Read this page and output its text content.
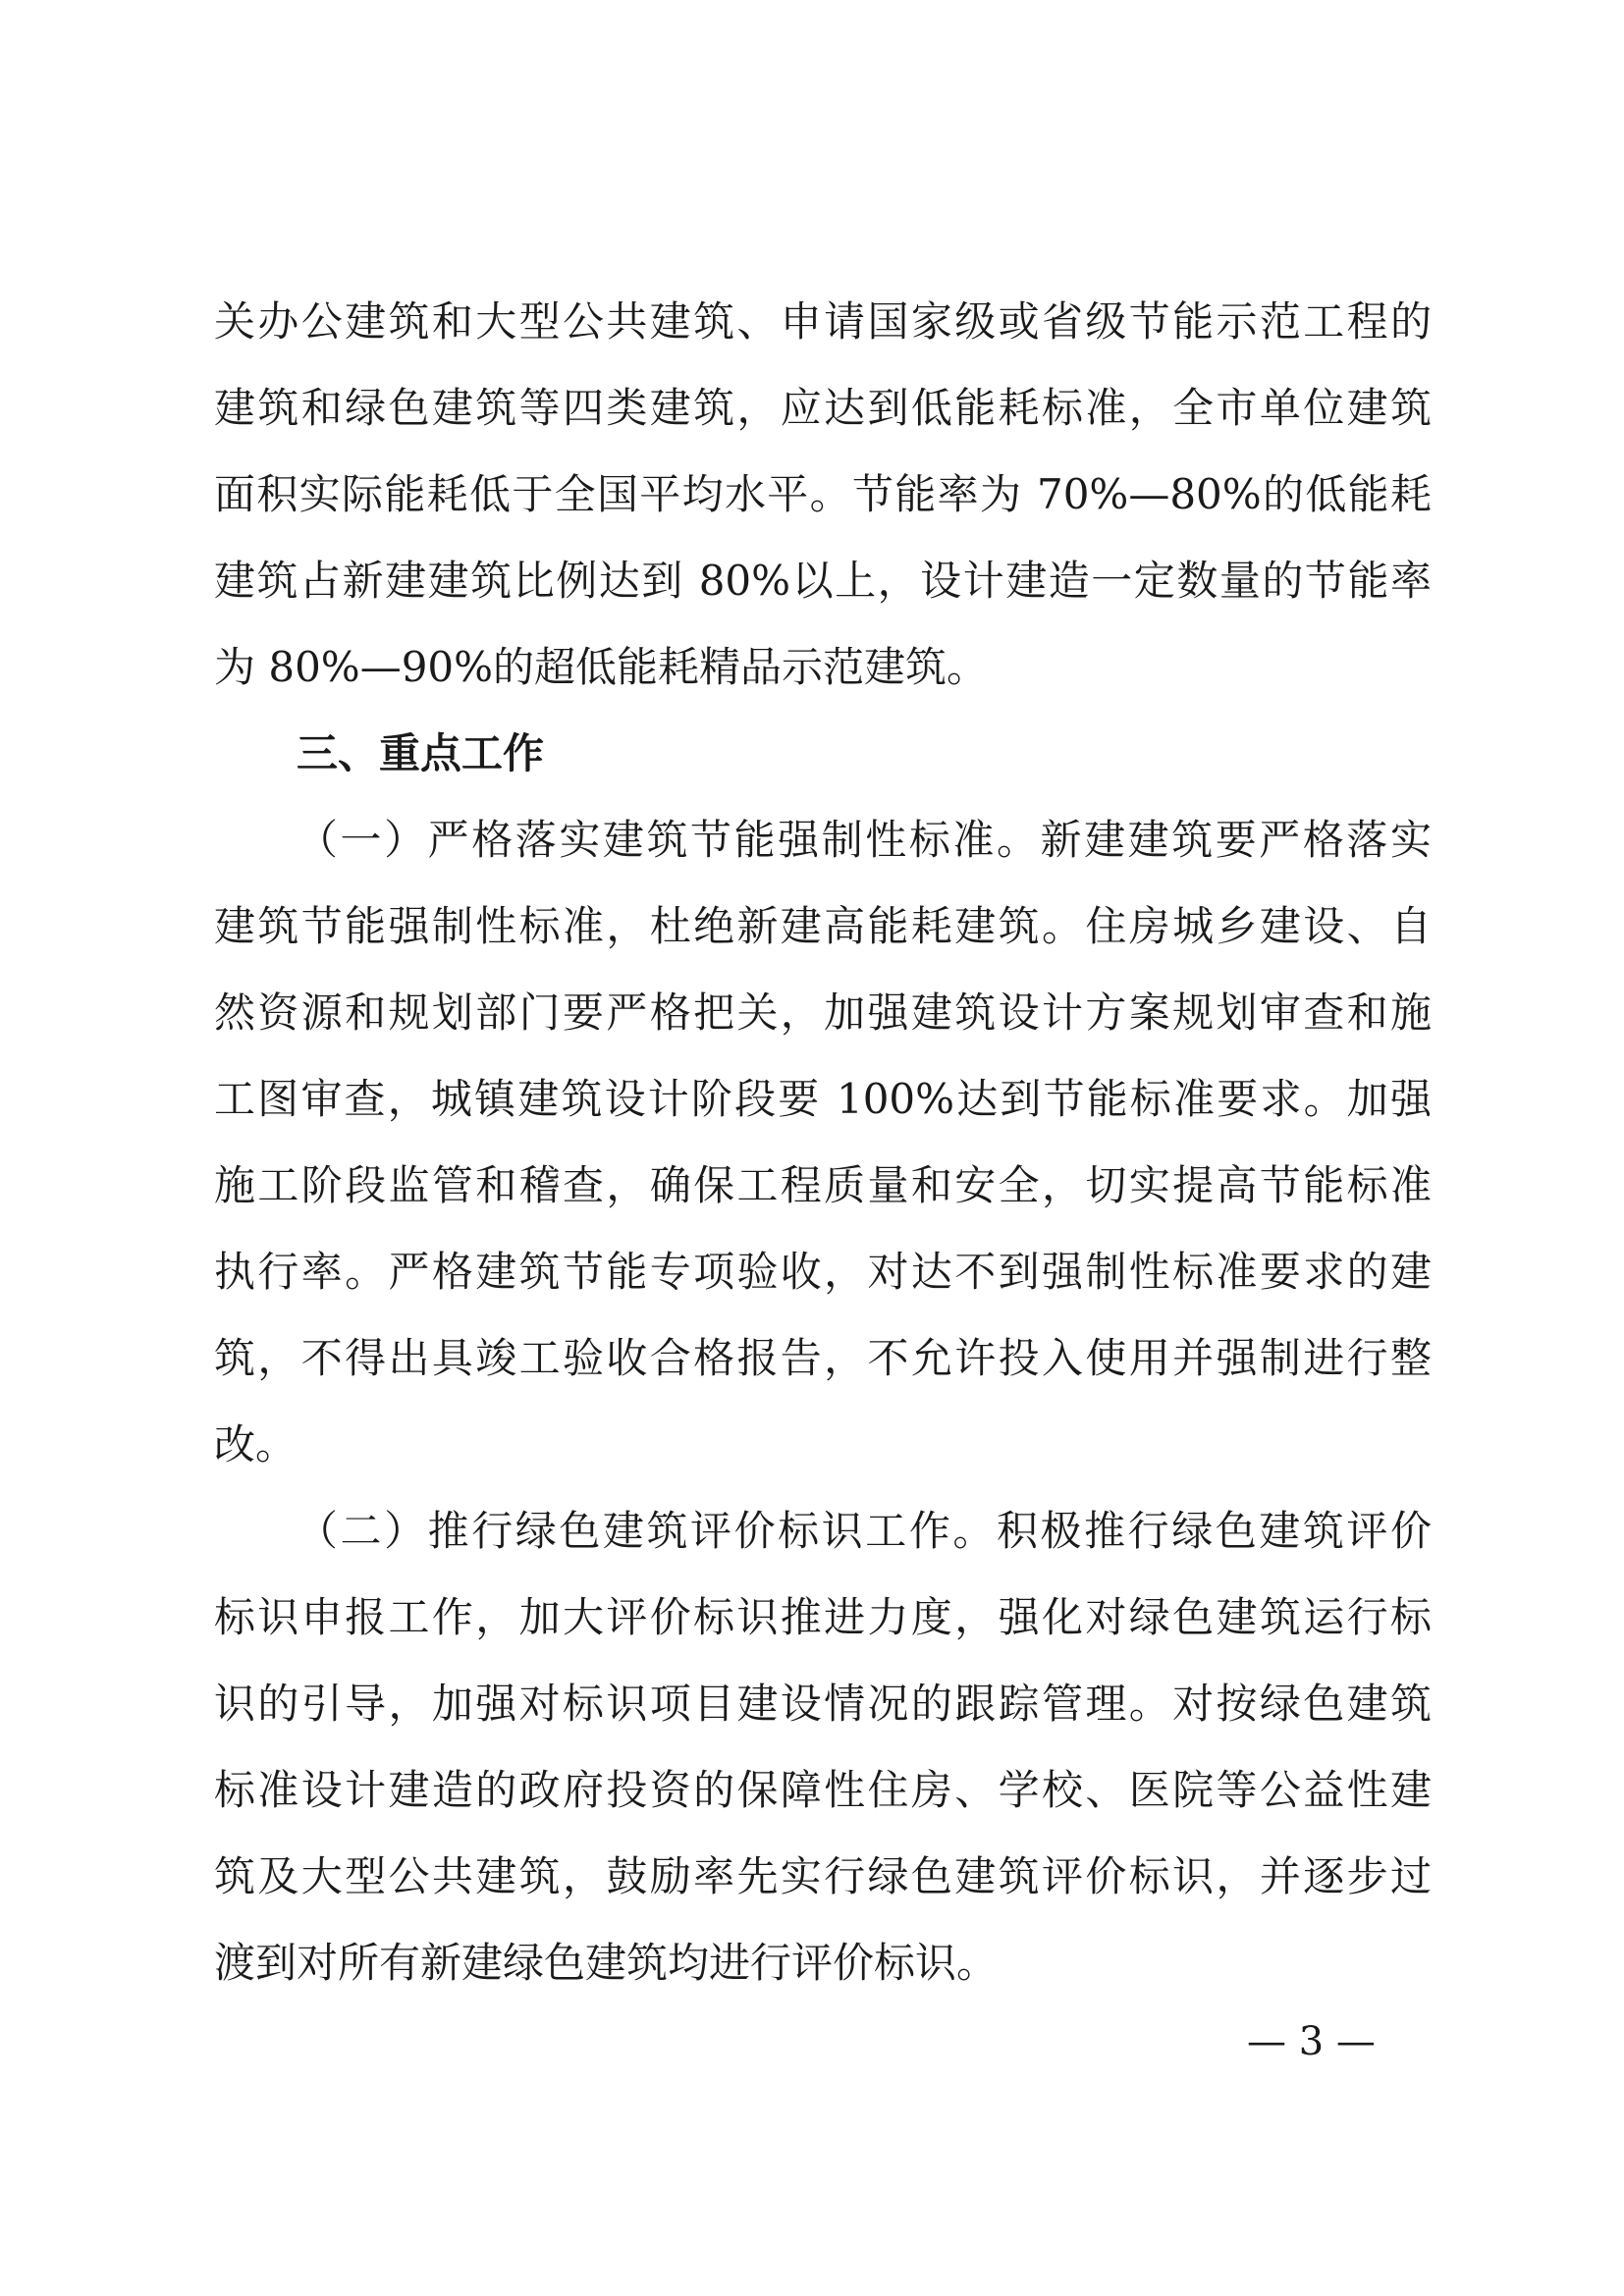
关办公建筑和大型公共建筑、申请国家级或省级节能示范工程的
建筑和绿色建筑等四类建筑，应达到低能耗标准，全市单位建筑
面积实际能耗低于全国平均水平。节能率为 70%—80%的低能耗
建筑占新建建筑比例达到 80%以上，设计建造一定数量的节能率
为 80%—90%的超低能耗精品示范建筑。
三、重点工作
（一）严格落实建筑节能强制性标准。新建建筑要严格落实
建筑节能强制性标准，杜绝新建高能耗建筑。住房城乡建设、自
然资源和规划部门要严格把关，加强建筑设计方案规划审查和施
工图审查，城镇建筑设计阶段要 100%达到节能标准要求。加强
施工阶段监管和稽查，确保工程质量和安全，切实提高节能标准
执行率。严格建筑节能专项验收，对达不到强制性标准要求的建
筑，不得出具竣工验收合格报告，不允许投入使用并强制进行整
改。
（二）推行绿色建筑评价标识工作。积极推行绿色建筑评价
标识申报工作，加大评价标识推进力度，强化对绿色建筑运行标
识的引导，加强对标识项目建设情况的跟踪管理。对按绿色建筑
标准设计建造的政府投资的保障性住房、学校、医院等公益性建
筑及大型公共建筑，鼓励率先实行绿色建筑评价标识，并逐步过
渡到对所有新建绿色建筑均进行评价标识。
— 3 —
